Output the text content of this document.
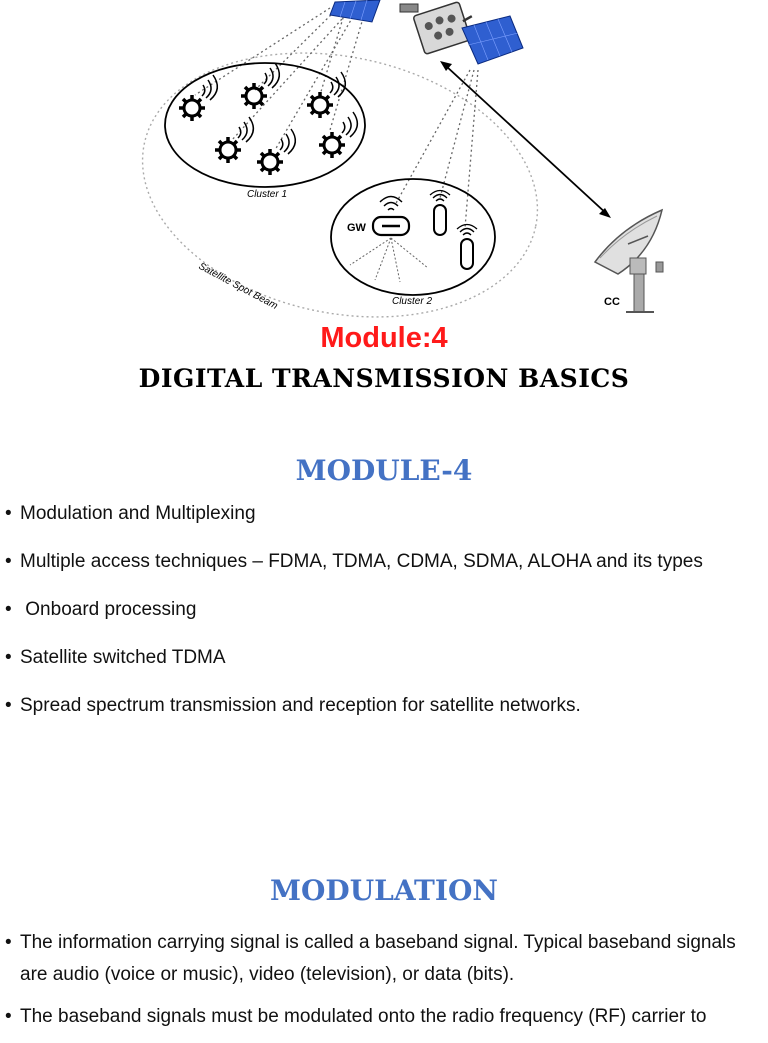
Cluster 1
GW
Cluster 2
Satellite Spot Beam	CC
Module:4
DIGITAL TRANSMISSION BASICS
MODULE-4
• Modulation and Multiplexing
• Multiple access techniques – FDMA, TDMA, CDMA, SDMA, ALOHA and its types
•  Onboard processing
• Satellite switched TDMA
• Spread spectrum transmission and reception for satellite networks.
MODULATION
• The information carrying signal is called a baseband signal. Typical baseband signals are audio (voice or music), video (television), or data (bits).
• The baseband signals must be modulated onto the radio frequency (RF) carrier to
